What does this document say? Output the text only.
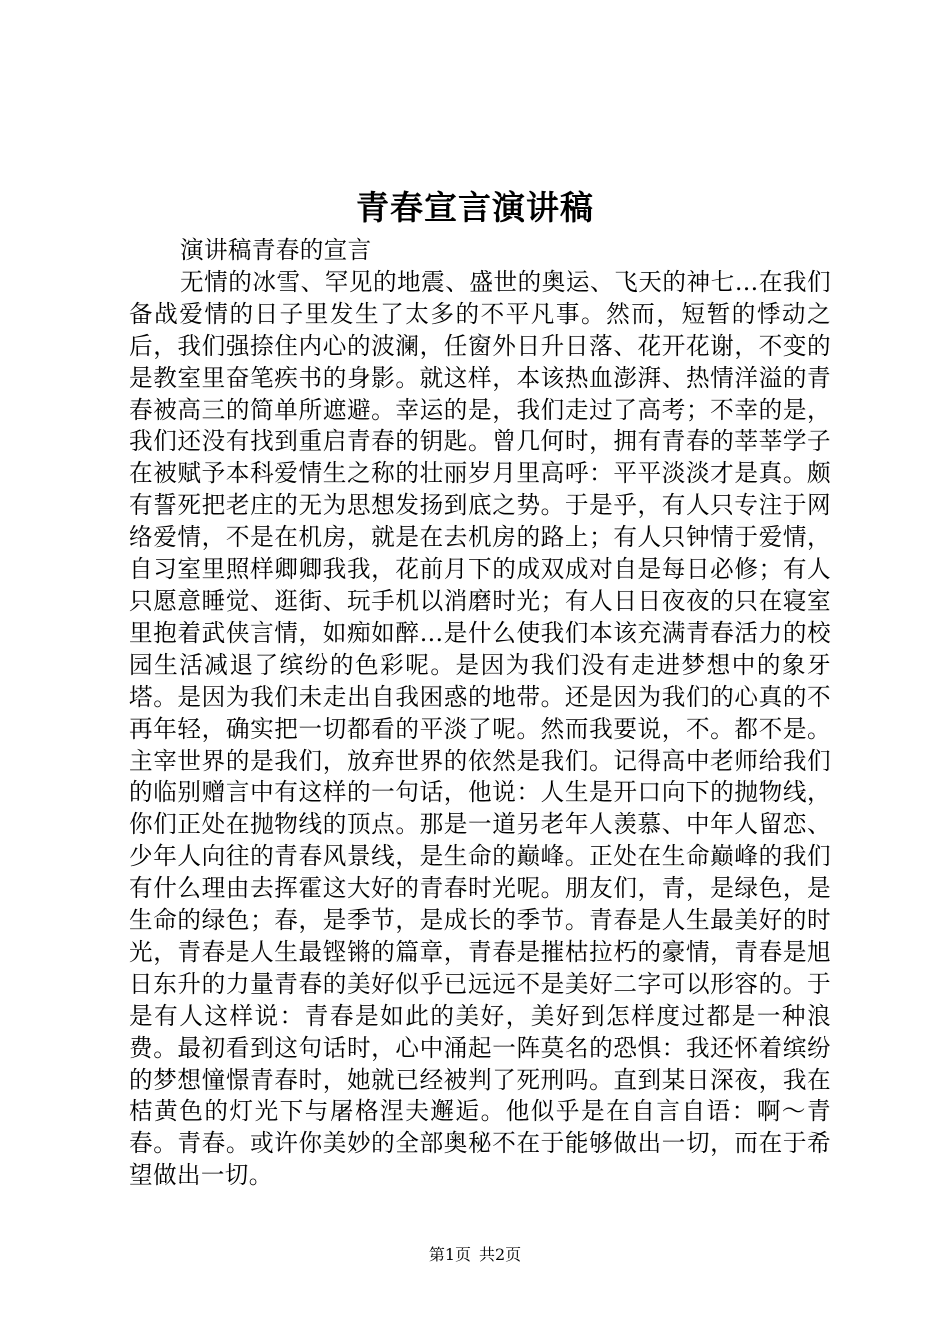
青春宣言演讲稿

演讲稿青春的宣言

无情的冰雪、罕见的地震、盛世的奥运、飞天的神七…在我们备战爱情的日子里发生了太多的不平凡事。然而，短暂的悸动之后，我们强捺住内心的波澜，任窗外日升日落、花开花谢，不变的是教室里奋笔疾书的身影。就这样，本该热血澎湃、热情洋溢的青春被高三的简单所遮避。幸运的是，我们走过了高考；不幸的是，我们还没有找到重启青春的钥匙。曾几何时，拥有青春的莘莘学子在被赋予本科爱情生之称的壮丽岁月里高呼：平平淡淡才是真。颇有誓死把老庄的无为思想发扬到底之势。于是乎，有人只专注于网络爱情，不是在机房，就是在去机房的路上；有人只钟情于爱情，自习室里照样卿卿我我，花前月下的成双成对自是每日必修；有人只愿意睡觉、逛街、玩手机以消磨时光；有人日日夜夜的只在寝室里抱着武侠言情，如痴如醉…是什么使我们本该充满青春活力的校园生活减退了缤纷的色彩呢。是因为我们没有走进梦想中的象牙塔。是因为我们未走出自我困惑的地带。还是因为我们的心真的不再年轻，确实把一切都看的平淡了呢。然而我要说，不。都不是。主宰世界的是我们，放弃世界的依然是我们。记得高中老师给我们的临别赠言中有这样的一句话，他说：人生是开口向下的抛物线，你们正处在抛物线的顶点。那是一道另老年人羡慕、中年人留恋、少年人向往的青春风景线，是生命的巅峰。正处在生命巅峰的我们有什么理由去挥霍这大好的青春时光呢。朋友们，青，是绿色，是生命的绿色；春，是季节，是成长的季节。青春是人生最美好的时光，青春是人生最铿锵的篇章，青春是摧枯拉朽的豪情，青春是旭日东升的力量青春的美好似乎已远远不是美好二字可以形容的。于是有人这样说：青春是如此的美好，美好到怎样度过都是一种浪费。最初看到这句话时，心中涌起一阵莫名的恐惧：我还怀着缤纷的梦想憧憬青春时，她就已经被判了死刑吗。直到某日深夜，我在桔黄色的灯光下与屠格涅夫邂逅。他似乎是在自言自语：啊～青春。青春。或许你美妙的全部奥秘不在于能够做出一切，而在于希望做出一切。

第1页 共2页
